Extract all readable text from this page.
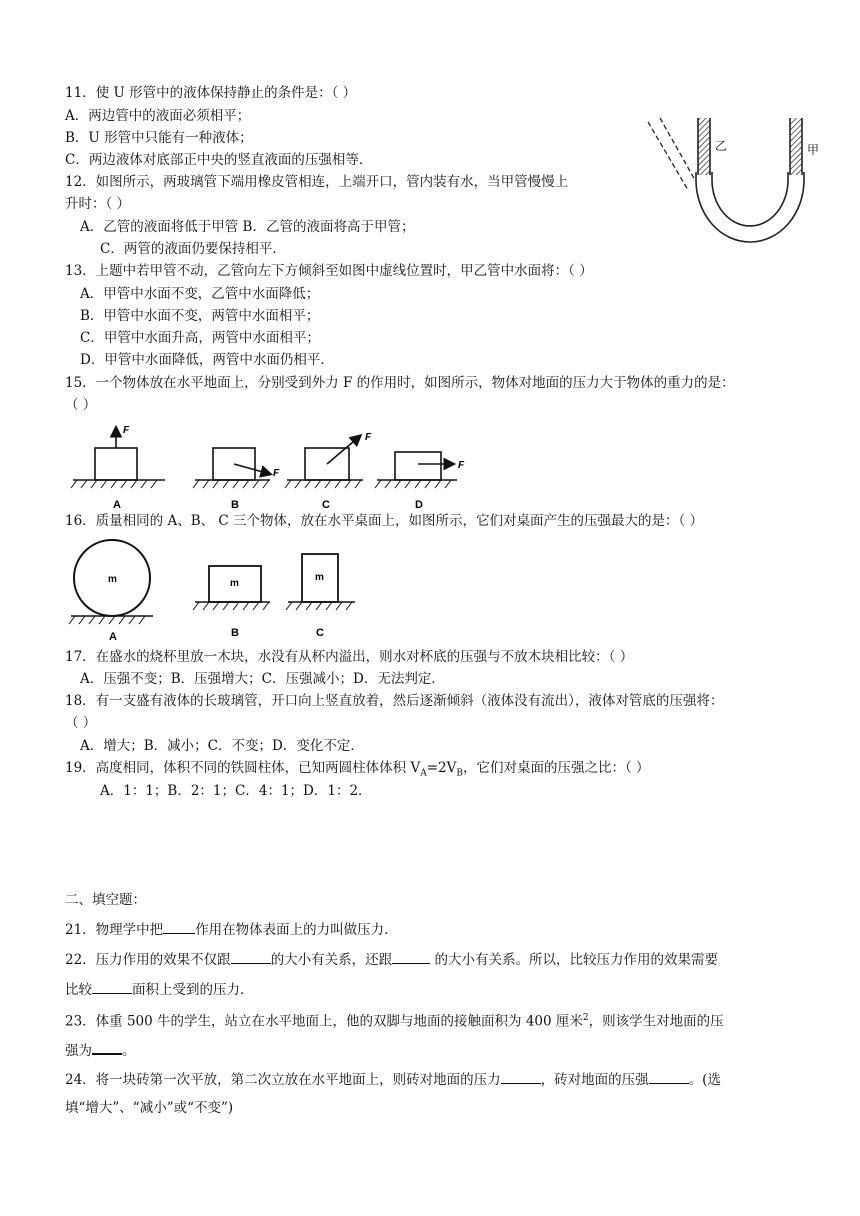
11．使 U 形管中的液体保持静止的条件是：（ ）
A．两边管中的液面必须相平；
B．U 形管中只能有一种液体；
C．两边液体对底部正中央的竖直液面的压强相等．
12．如图所示，两玻璃管下端用橡皮管相连，上端开口，管内装有水，当甲管慢慢上
升时：（ ）
A．乙管的液面将低于甲管 B．乙管的液面将高于甲管；
C．两管的液面仍要保持相平．
乙	甲
13．上题中若甲管不动，乙管向左下方倾斜至如图中虚线位置时，甲乙管中水面将：（ ）
A．甲管中水面不变，乙管中水面降低；
B．甲管中水面不变，两管中水面相平；
C．甲管中水面升高，两管中水面相平；
D．甲管中水面降低，两管中水面仍相平．
15．一个物体放在水平地面上，分别受到外力 F 的作用时，如图所示，物体对地面的压力大于物体的重力的是：
（ ）
F
A
F
B
F
C
F
D
16．质量相同的 A、B、 C 三个物体，放在水平桌面上，如图所示，它们对桌面产生的压强最大的是：（ ）
m
A
m
B
m
C
17．在盛水的烧杯里放一木块，水没有从杯内溢出，则水对杯底的压强与不放木块相比较：（ ）
A．压强不变；B．压强增大；C．压强减小；D．无法判定．
18．有一支盛有液体的长玻璃管，开口向上竖直放着，然后逐渐倾斜（液体没有流出），液体对管底的压强将：
（ ）
A．增大；B．减小；C．不变；D．变化不定．
19．高度相同，体积不同的铁圆柱体，已知两圆柱体体积 $V_A=2V_B$，它们对桌面的压强之比：（ ）
A．1：1；B．2：1；C．4：1；D．1：2．
二、填空题：
21．物理学中把 作用在物体表面上的力叫做压力．
22．压力作用的效果不仅跟	的大小有关系，还跟	的大小有关系。所以，比较压力作用的效果需要
比较	面积上受到的压力．
23．体重 500 牛的学生，站立在水平地面上，他的双脚与地面的接触面积为 400 厘米$^2$，则该学生对地面的压
强为 。
24．将一块砖第一次平放，第二次立放在水平地面上，则砖对地面的压力	，砖对地面的压强	。(选
填“增大”、“减小”或“不变”)
